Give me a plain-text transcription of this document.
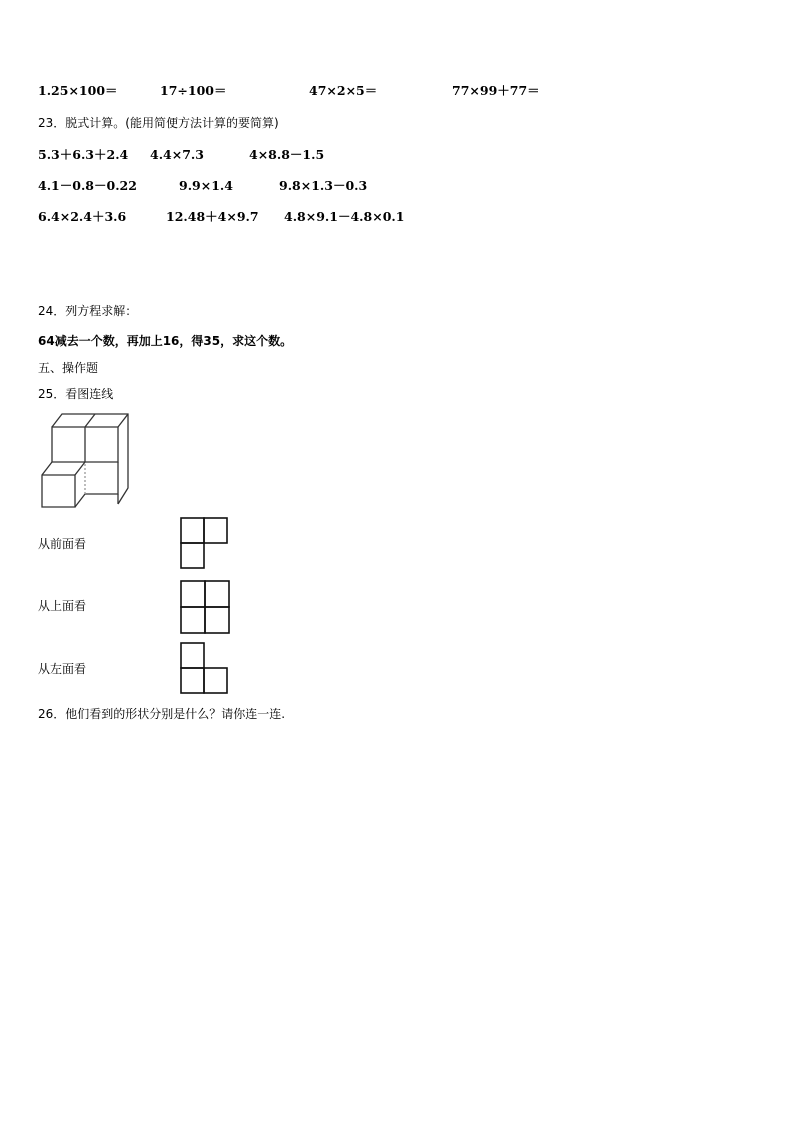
1.25×100＝	17÷100＝	47×2×5＝	77×99＋77＝
23．脱式计算。(能用简便方法计算的要简算)
5.3＋6.3＋2.4 4.4×7.3	4×8.8－1.5
4.1－0.8－0.22	9.9×1.4	9.8×1.3－0.3
6.4×2.4＋3.6	12.48＋4×9.7 4.8×9.1－4.8×0.1
24．列方程求解：
64减去一个数，再加上16，得35，求这个数。
五、操作题
25．看图连线
从前面看
从上面看
从左面看
26．他们看到的形状分别是什么？请你连一连.
